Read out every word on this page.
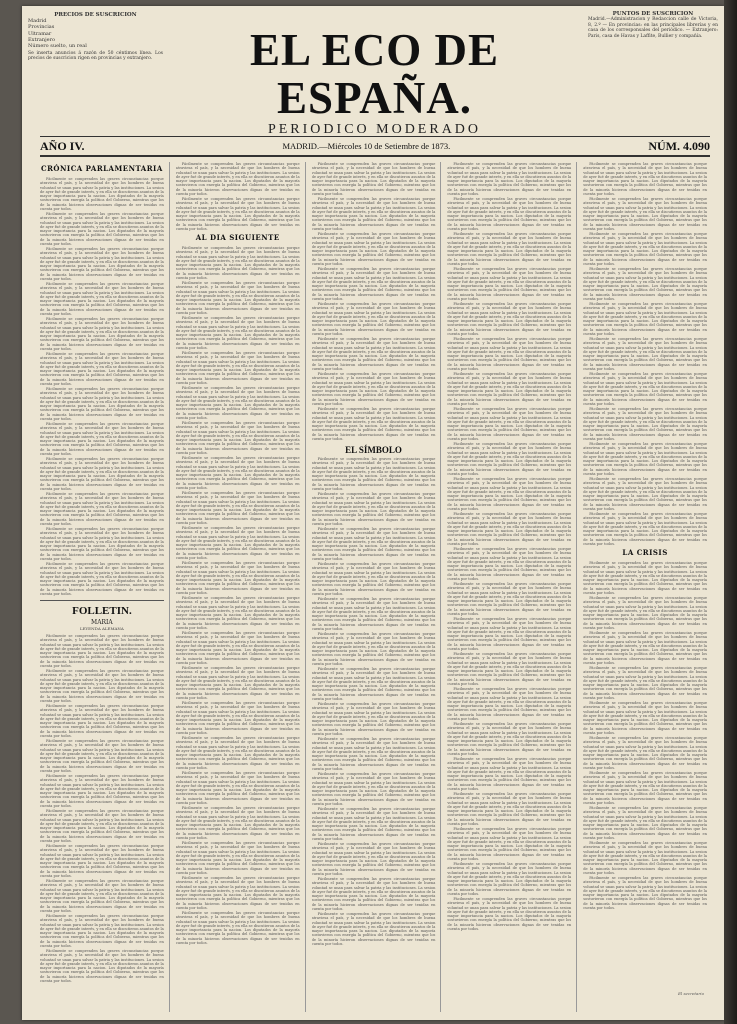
PRECIOS DE SUSCRICION
Madrid
Provincias
Ultramar
Extranjero
Número suelto, un real
Se inserta anuncios á razón de 50 céntimos línea. Los precios de suscricion rigen en provincias y extranjero.	EL ECO DE ESPAÑA.
PERIODICO MODERADO
PUNTOS DE SUSCRICION
Madrid.—Administracion y Redaccion calle de Victoria, 8, 2.º — En provincias: en las principales librerías y en casa de los corresponsales del periódico. — Extranjero: Paris, casa de Havas y Laffite, Bullier y compañía.
AÑO IV.	MADRID.—Miércoles 10 de Setiembre de 1873.	NÚM. 4.090
CRÓNICA PARLAMENTARIA

Fácilmente se comprenden las graves circunstancias porque atraviesa el país, y la necesidad de que los hombres de buena voluntad se unan para salvar la patria y las instituciones. La sesion de ayer fué de grande interés, y en ella se discutieron asuntos de la mayor importancia para la nacion. Los diputados de la mayoría sostuvieron con energía la política del Gobierno, mientras que los de la minoría hicieron observaciones dignas de ser tenidas en cuenta por todos.

Fácilmente se comprenden las graves circunstancias porque atraviesa el país, y la necesidad de que los hombres de buena voluntad se unan para salvar la patria y las instituciones. La sesion de ayer fué de grande interés, y en ella se discutieron asuntos de la mayor importancia para la nacion. Los diputados de la mayoría sostuvieron con energía la política del Gobierno, mientras que los de la minoría hicieron observaciones dignas de ser tenidas en cuenta por todos.

Fácilmente se comprenden las graves circunstancias porque atraviesa el país, y la necesidad de que los hombres de buena voluntad se unan para salvar la patria y las instituciones. La sesion de ayer fué de grande interés, y en ella se discutieron asuntos de la mayor importancia para la nacion. Los diputados de la mayoría sostuvieron con energía la política del Gobierno, mientras que los de la minoría hicieron observaciones dignas de ser tenidas en cuenta por todos.

Fácilmente se comprenden las graves circunstancias porque atraviesa el país, y la necesidad de que los hombres de buena voluntad se unan para salvar la patria y las instituciones. La sesion de ayer fué de grande interés, y en ella se discutieron asuntos de la mayor importancia para la nacion. Los diputados de la mayoría sostuvieron con energía la política del Gobierno, mientras que los de la minoría hicieron observaciones dignas de ser tenidas en cuenta por todos.

Fácilmente se comprenden las graves circunstancias porque atraviesa el país, y la necesidad de que los hombres de buena voluntad se unan para salvar la patria y las instituciones. La sesion de ayer fué de grande interés, y en ella se discutieron asuntos de la mayor importancia para la nacion. Los diputados de la mayoría sostuvieron con energía la política del Gobierno, mientras que los de la minoría hicieron observaciones dignas de ser tenidas en cuenta por todos.

Fácilmente se comprenden las graves circunstancias porque atraviesa el país, y la necesidad de que los hombres de buena voluntad se unan para salvar la patria y las instituciones. La sesion de ayer fué de grande interés, y en ella se discutieron asuntos de la mayor importancia para la nacion. Los diputados de la mayoría sostuvieron con energía la política del Gobierno, mientras que los de la minoría hicieron observaciones dignas de ser tenidas en cuenta por todos.

Fácilmente se comprenden las graves circunstancias porque atraviesa el país, y la necesidad de que los hombres de buena voluntad se unan para salvar la patria y las instituciones. La sesion de ayer fué de grande interés, y en ella se discutieron asuntos de la mayor importancia para la nacion. Los diputados de la mayoría sostuvieron con energía la política del Gobierno, mientras que los de la minoría hicieron observaciones dignas de ser tenidas en cuenta por todos.

Fácilmente se comprenden las graves circunstancias porque atraviesa el país, y la necesidad de que los hombres de buena voluntad se unan para salvar la patria y las instituciones. La sesion de ayer fué de grande interés, y en ella se discutieron asuntos de la mayor importancia para la nacion. Los diputados de la mayoría sostuvieron con energía la política del Gobierno, mientras que los de la minoría hicieron observaciones dignas de ser tenidas en cuenta por todos.

Fácilmente se comprenden las graves circunstancias porque atraviesa el país, y la necesidad de que los hombres de buena voluntad se unan para salvar la patria y las instituciones. La sesion de ayer fué de grande interés, y en ella se discutieron asuntos de la mayor importancia para la nacion. Los diputados de la mayoría sostuvieron con energía la política del Gobierno, mientras que los de la minoría hicieron observaciones dignas de ser tenidas en cuenta por todos.

Fácilmente se comprenden las graves circunstancias porque atraviesa el país, y la necesidad de que los hombres de buena voluntad se unan para salvar la patria y las instituciones. La sesion de ayer fué de grande interés, y en ella se discutieron asuntos de la mayor importancia para la nacion. Los diputados de la mayoría sostuvieron con energía la política del Gobierno, mientras que los de la minoría hicieron observaciones dignas de ser tenidas en cuenta por todos.

Fácilmente se comprenden las graves circunstancias porque atraviesa el país, y la necesidad de que los hombres de buena voluntad se unan para salvar la patria y las instituciones. La sesion de ayer fué de grande interés, y en ella se discutieron asuntos de la mayor importancia para la nacion. Los diputados de la mayoría sostuvieron con energía la política del Gobierno, mientras que los de la minoría hicieron observaciones dignas de ser tenidas en cuenta por todos.

Fácilmente se comprenden las graves circunstancias porque atraviesa el país, y la necesidad de que los hombres de buena voluntad se unan para salvar la patria y las instituciones. La sesion de ayer fué de grande interés, y en ella se discutieron asuntos de la mayor importancia para la nacion. Los diputados de la mayoría sostuvieron con energía la política del Gobierno, mientras que los de la minoría hicieron observaciones dignas de ser tenidas en cuenta por todos.

FOLLETIN.
MARIA
LEYENDA ALEMANA

Fácilmente se comprenden las graves circunstancias porque atraviesa el país, y la necesidad de que los hombres de buena voluntad se unan para salvar la patria y las instituciones. La sesion de ayer fué de grande interés, y en ella se discutieron asuntos de la mayor importancia para la nacion. Los diputados de la mayoría sostuvieron con energía la política del Gobierno, mientras que los de la minoría hicieron observaciones dignas de ser tenidas en cuenta por todos.

Fácilmente se comprenden las graves circunstancias porque atraviesa el país, y la necesidad de que los hombres de buena voluntad se unan para salvar la patria y las instituciones. La sesion de ayer fué de grande interés, y en ella se discutieron asuntos de la mayor importancia para la nacion. Los diputados de la mayoría sostuvieron con energía la política del Gobierno, mientras que los de la minoría hicieron observaciones dignas de ser tenidas en cuenta por todos.

Fácilmente se comprenden las graves circunstancias porque atraviesa el país, y la necesidad de que los hombres de buena voluntad se unan para salvar la patria y las instituciones. La sesion de ayer fué de grande interés, y en ella se discutieron asuntos de la mayor importancia para la nacion. Los diputados de la mayoría sostuvieron con energía la política del Gobierno, mientras que los de la minoría hicieron observaciones dignas de ser tenidas en cuenta por todos.

Fácilmente se comprenden las graves circunstancias porque atraviesa el país, y la necesidad de que los hombres de buena voluntad se unan para salvar la patria y las instituciones. La sesion de ayer fué de grande interés, y en ella se discutieron asuntos de la mayor importancia para la nacion. Los diputados de la mayoría sostuvieron con energía la política del Gobierno, mientras que los de la minoría hicieron observaciones dignas de ser tenidas en cuenta por todos.

Fácilmente se comprenden las graves circunstancias porque atraviesa el país, y la necesidad de que los hombres de buena voluntad se unan para salvar la patria y las instituciones. La sesion de ayer fué de grande interés, y en ella se discutieron asuntos de la mayor importancia para la nacion. Los diputados de la mayoría sostuvieron con energía la política del Gobierno, mientras que los de la minoría hicieron observaciones dignas de ser tenidas en cuenta por todos.

Fácilmente se comprenden las graves circunstancias porque atraviesa el país, y la necesidad de que los hombres de buena voluntad se unan para salvar la patria y las instituciones. La sesion de ayer fué de grande interés, y en ella se discutieron asuntos de la mayor importancia para la nacion. Los diputados de la mayoría sostuvieron con energía la política del Gobierno, mientras que los de la minoría hicieron observaciones dignas de ser tenidas en cuenta por todos.

Fácilmente se comprenden las graves circunstancias porque atraviesa el país, y la necesidad de que los hombres de buena voluntad se unan para salvar la patria y las instituciones. La sesion de ayer fué de grande interés, y en ella se discutieron asuntos de la mayor importancia para la nacion. Los diputados de la mayoría sostuvieron con energía la política del Gobierno, mientras que los de la minoría hicieron observaciones dignas de ser tenidas en cuenta por todos.

Fácilmente se comprenden las graves circunstancias porque atraviesa el país, y la necesidad de que los hombres de buena voluntad se unan para salvar la patria y las instituciones. La sesion de ayer fué de grande interés, y en ella se discutieron asuntos de la mayor importancia para la nacion. Los diputados de la mayoría sostuvieron con energía la política del Gobierno, mientras que los de la minoría hicieron observaciones dignas de ser tenidas en cuenta por todos.

Fácilmente se comprenden las graves circunstancias porque atraviesa el país, y la necesidad de que los hombres de buena voluntad se unan para salvar la patria y las instituciones. La sesion de ayer fué de grande interés, y en ella se discutieron asuntos de la mayor importancia para la nacion. Los diputados de la mayoría sostuvieron con energía la política del Gobierno, mientras que los de la minoría hicieron observaciones dignas de ser tenidas en cuenta por todos.

Fácilmente se comprenden las graves circunstancias porque atraviesa el país, y la necesidad de que los hombres de buena voluntad se unan para salvar la patria y las instituciones. La sesion de ayer fué de grande interés, y en ella se discutieron asuntos de la mayor importancia para la nacion. Los diputados de la mayoría sostuvieron con energía la política del Gobierno, mientras que los de la minoría hicieron observaciones dignas de ser tenidas en cuenta por todos.

Fácilmente se comprenden las graves circunstancias porque atraviesa el país, y la necesidad de que los hombres de buena voluntad se unan para salvar la patria y las instituciones. La sesion de ayer fué de grande interés, y en ella se discutieron asuntos de la mayor importancia para la nacion. Los diputados de la mayoría sostuvieron con energía la política del Gobierno, mientras que los de la minoría hicieron observaciones dignas de ser tenidas en cuenta por todos.

Fácilmente se comprenden las graves circunstancias porque atraviesa el país, y la necesidad de que los hombres de buena voluntad se unan para salvar la patria y las instituciones. La sesion de ayer fué de grande interés, y en ella se discutieron asuntos de la mayor importancia para la nacion. Los diputados de la mayoría sostuvieron con energía la política del Gobierno, mientras que los de la minoría hicieron observaciones dignas de ser tenidas en cuenta por todos.

AL DIA SIGUIENTE

Fácilmente se comprenden las graves circunstancias porque atraviesa el país, y la necesidad de que los hombres de buena voluntad se unan para salvar la patria y las instituciones. La sesion de ayer fué de grande interés, y en ella se discutieron asuntos de la mayor importancia para la nacion. Los diputados de la mayoría sostuvieron con energía la política del Gobierno, mientras que los de la minoría hicieron observaciones dignas de ser tenidas en cuenta por todos.

Fácilmente se comprenden las graves circunstancias porque atraviesa el país, y la necesidad de que los hombres de buena voluntad se unan para salvar la patria y las instituciones. La sesion de ayer fué de grande interés, y en ella se discutieron asuntos de la mayor importancia para la nacion. Los diputados de la mayoría sostuvieron con energía la política del Gobierno, mientras que los de la minoría hicieron observaciones dignas de ser tenidas en cuenta por todos.

Fácilmente se comprenden las graves circunstancias porque atraviesa el país, y la necesidad de que los hombres de buena voluntad se unan para salvar la patria y las instituciones. La sesion de ayer fué de grande interés, y en ella se discutieron asuntos de la mayor importancia para la nacion. Los diputados de la mayoría sostuvieron con energía la política del Gobierno, mientras que los de la minoría hicieron observaciones dignas de ser tenidas en cuenta por todos.

Fácilmente se comprenden las graves circunstancias porque atraviesa el país, y la necesidad de que los hombres de buena voluntad se unan para salvar la patria y las instituciones. La sesion de ayer fué de grande interés, y en ella se discutieron asuntos de la mayor importancia para la nacion. Los diputados de la mayoría sostuvieron con energía la política del Gobierno, mientras que los de la minoría hicieron observaciones dignas de ser tenidas en cuenta por todos.

Fácilmente se comprenden las graves circunstancias porque atraviesa el país, y la necesidad de que los hombres de buena voluntad se unan para salvar la patria y las instituciones. La sesion de ayer fué de grande interés, y en ella se discutieron asuntos de la mayor importancia para la nacion. Los diputados de la mayoría sostuvieron con energía la política del Gobierno, mientras que los de la minoría hicieron observaciones dignas de ser tenidas en cuenta por todos.

Fácilmente se comprenden las graves circunstancias porque atraviesa el país, y la necesidad de que los hombres de buena voluntad se unan para salvar la patria y las instituciones. La sesion de ayer fué de grande interés, y en ella se discutieron asuntos de la mayor importancia para la nacion. Los diputados de la mayoría sostuvieron con energía la política del Gobierno, mientras que los de la minoría hicieron observaciones dignas de ser tenidas en cuenta por todos.

Fácilmente se comprenden las graves circunstancias porque atraviesa el país, y la necesidad de que los hombres de buena voluntad se unan para salvar la patria y las instituciones. La sesion de ayer fué de grande interés, y en ella se discutieron asuntos de la mayor importancia para la nacion. Los diputados de la mayoría sostuvieron con energía la política del Gobierno, mientras que los de la minoría hicieron observaciones dignas de ser tenidas en cuenta por todos.

Fácilmente se comprenden las graves circunstancias porque atraviesa el país, y la necesidad de que los hombres de buena voluntad se unan para salvar la patria y las instituciones. La sesion de ayer fué de grande interés, y en ella se discutieron asuntos de la mayor importancia para la nacion. Los diputados de la mayoría sostuvieron con energía la política del Gobierno, mientras que los de la minoría hicieron observaciones dignas de ser tenidas en cuenta por todos.

Fácilmente se comprenden las graves circunstancias porque atraviesa el país, y la necesidad de que los hombres de buena voluntad se unan para salvar la patria y las instituciones. La sesion de ayer fué de grande interés, y en ella se discutieron asuntos de la mayor importancia para la nacion. Los diputados de la mayoría sostuvieron con energía la política del Gobierno, mientras que los de la minoría hicieron observaciones dignas de ser tenidas en cuenta por todos.

Fácilmente se comprenden las graves circunstancias porque atraviesa el país, y la necesidad de que los hombres de buena voluntad se unan para salvar la patria y las instituciones. La sesion de ayer fué de grande interés, y en ella se discutieron asuntos de la mayor importancia para la nacion. Los diputados de la mayoría sostuvieron con energía la política del Gobierno, mientras que los de la minoría hicieron observaciones dignas de ser tenidas en cuenta por todos.

Fácilmente se comprenden las graves circunstancias porque atraviesa el país, y la necesidad de que los hombres de buena voluntad se unan para salvar la patria y las instituciones. La sesion de ayer fué de grande interés, y en ella se discutieron asuntos de la mayor importancia para la nacion. Los diputados de la mayoría sostuvieron con energía la política del Gobierno, mientras que los de la minoría hicieron observaciones dignas de ser tenidas en cuenta por todos.

Fácilmente se comprenden las graves circunstancias porque atraviesa el país, y la necesidad de que los hombres de buena voluntad se unan para salvar la patria y las instituciones. La sesion de ayer fué de grande interés, y en ella se discutieron asuntos de la mayor importancia para la nacion. Los diputados de la mayoría sostuvieron con energía la política del Gobierno, mientras que los de la minoría hicieron observaciones dignas de ser tenidas en cuenta por todos.

Fácilmente se comprenden las graves circunstancias porque atraviesa el país, y la necesidad de que los hombres de buena voluntad se unan para salvar la patria y las instituciones. La sesion de ayer fué de grande interés, y en ella se discutieron asuntos de la mayor importancia para la nacion. Los diputados de la mayoría sostuvieron con energía la política del Gobierno, mientras que los de la minoría hicieron observaciones dignas de ser tenidas en cuenta por todos.

Fácilmente se comprenden las graves circunstancias porque atraviesa el país, y la necesidad de que los hombres de buena voluntad se unan para salvar la patria y las instituciones. La sesion de ayer fué de grande interés, y en ella se discutieron asuntos de la mayor importancia para la nacion. Los diputados de la mayoría sostuvieron con energía la política del Gobierno, mientras que los de la minoría hicieron observaciones dignas de ser tenidas en cuenta por todos.

Fácilmente se comprenden las graves circunstancias porque atraviesa el país, y la necesidad de que los hombres de buena voluntad se unan para salvar la patria y las instituciones. La sesion de ayer fué de grande interés, y en ella se discutieron asuntos de la mayor importancia para la nacion. Los diputados de la mayoría sostuvieron con energía la política del Gobierno, mientras que los de la minoría hicieron observaciones dignas de ser tenidas en cuenta por todos.

Fácilmente se comprenden las graves circunstancias porque atraviesa el país, y la necesidad de que los hombres de buena voluntad se unan para salvar la patria y las instituciones. La sesion de ayer fué de grande interés, y en ella se discutieron asuntos de la mayor importancia para la nacion. Los diputados de la mayoría sostuvieron con energía la política del Gobierno, mientras que los de la minoría hicieron observaciones dignas de ser tenidas en cuenta por todos.

Fácilmente se comprenden las graves circunstancias porque atraviesa el país, y la necesidad de que los hombres de buena voluntad se unan para salvar la patria y las instituciones. La sesion de ayer fué de grande interés, y en ella se discutieron asuntos de la mayor importancia para la nacion. Los diputados de la mayoría sostuvieron con energía la política del Gobierno, mientras que los de la minoría hicieron observaciones dignas de ser tenidas en cuenta por todos.

Fácilmente se comprenden las graves circunstancias porque atraviesa el país, y la necesidad de que los hombres de buena voluntad se unan para salvar la patria y las instituciones. La sesion de ayer fué de grande interés, y en ella se discutieron asuntos de la mayor importancia para la nacion. Los diputados de la mayoría sostuvieron con energía la política del Gobierno, mientras que los de la minoría hicieron observaciones dignas de ser tenidas en cuenta por todos.

Fácilmente se comprenden las graves circunstancias porque atraviesa el país, y la necesidad de que los hombres de buena voluntad se unan para salvar la patria y las instituciones. La sesion de ayer fué de grande interés, y en ella se discutieron asuntos de la mayor importancia para la nacion. Los diputados de la mayoría sostuvieron con energía la política del Gobierno, mientras que los de la minoría hicieron observaciones dignas de ser tenidas en cuenta por todos.

Fácilmente se comprenden las graves circunstancias porque atraviesa el país, y la necesidad de que los hombres de buena voluntad se unan para salvar la patria y las instituciones. La sesion de ayer fué de grande interés, y en ella se discutieron asuntos de la mayor importancia para la nacion. Los diputados de la mayoría sostuvieron con energía la política del Gobierno, mientras que los de la minoría hicieron observaciones dignas de ser tenidas en cuenta por todos.

Fácilmente se comprenden las graves circunstancias porque atraviesa el país, y la necesidad de que los hombres de buena voluntad se unan para salvar la patria y las instituciones. La sesion de ayer fué de grande interés, y en ella se discutieron asuntos de la mayor importancia para la nacion. Los diputados de la mayoría sostuvieron con energía la política del Gobierno, mientras que los de la minoría hicieron observaciones dignas de ser tenidas en cuenta por todos.

Fácilmente se comprenden las graves circunstancias porque atraviesa el país, y la necesidad de que los hombres de buena voluntad se unan para salvar la patria y las instituciones. La sesion de ayer fué de grande interés, y en ella se discutieron asuntos de la mayor importancia para la nacion. Los diputados de la mayoría sostuvieron con energía la política del Gobierno, mientras que los de la minoría hicieron observaciones dignas de ser tenidas en cuenta por todos.

Fácilmente se comprenden las graves circunstancias porque atraviesa el país, y la necesidad de que los hombres de buena voluntad se unan para salvar la patria y las instituciones. La sesion de ayer fué de grande interés, y en ella se discutieron asuntos de la mayor importancia para la nacion. Los diputados de la mayoría sostuvieron con energía la política del Gobierno, mientras que los de la minoría hicieron observaciones dignas de ser tenidas en cuenta por todos.

Fácilmente se comprenden las graves circunstancias porque atraviesa el país, y la necesidad de que los hombres de buena voluntad se unan para salvar la patria y las instituciones. La sesion de ayer fué de grande interés, y en ella se discutieron asuntos de la mayor importancia para la nacion. Los diputados de la mayoría sostuvieron con energía la política del Gobierno, mientras que los de la minoría hicieron observaciones dignas de ser tenidas en cuenta por todos.

Fácilmente se comprenden las graves circunstancias porque atraviesa el país, y la necesidad de que los hombres de buena voluntad se unan para salvar la patria y las instituciones. La sesion de ayer fué de grande interés, y en ella se discutieron asuntos de la mayor importancia para la nacion. Los diputados de la mayoría sostuvieron con energía la política del Gobierno, mientras que los de la minoría hicieron observaciones dignas de ser tenidas en cuenta por todos.

Fácilmente se comprenden las graves circunstancias porque atraviesa el país, y la necesidad de que los hombres de buena voluntad se unan para salvar la patria y las instituciones. La sesion de ayer fué de grande interés, y en ella se discutieron asuntos de la mayor importancia para la nacion. Los diputados de la mayoría sostuvieron con energía la política del Gobierno, mientras que los de la minoría hicieron observaciones dignas de ser tenidas en cuenta por todos.

Fácilmente se comprenden las graves circunstancias porque atraviesa el país, y la necesidad de que los hombres de buena voluntad se unan para salvar la patria y las instituciones. La sesion de ayer fué de grande interés, y en ella se discutieron asuntos de la mayor importancia para la nacion. Los diputados de la mayoría sostuvieron con energía la política del Gobierno, mientras que los de la minoría hicieron observaciones dignas de ser tenidas en cuenta por todos.

Fácilmente se comprenden las graves circunstancias porque atraviesa el país, y la necesidad de que los hombres de buena voluntad se unan para salvar la patria y las instituciones. La sesion de ayer fué de grande interés, y en ella se discutieron asuntos de la mayor importancia para la nacion. Los diputados de la mayoría sostuvieron con energía la política del Gobierno, mientras que los de la minoría hicieron observaciones dignas de ser tenidas en cuenta por todos.

EL SÍMBOLO

Fácilmente se comprenden las graves circunstancias porque atraviesa el país, y la necesidad de que los hombres de buena voluntad se unan para salvar la patria y las instituciones. La sesion de ayer fué de grande interés, y en ella se discutieron asuntos de la mayor importancia para la nacion. Los diputados de la mayoría sostuvieron con energía la política del Gobierno, mientras que los de la minoría hicieron observaciones dignas de ser tenidas en cuenta por todos.

Fácilmente se comprenden las graves circunstancias porque atraviesa el país, y la necesidad de que los hombres de buena voluntad se unan para salvar la patria y las instituciones. La sesion de ayer fué de grande interés, y en ella se discutieron asuntos de la mayor importancia para la nacion. Los diputados de la mayoría sostuvieron con energía la política del Gobierno, mientras que los de la minoría hicieron observaciones dignas de ser tenidas en cuenta por todos.

Fácilmente se comprenden las graves circunstancias porque atraviesa el país, y la necesidad de que los hombres de buena voluntad se unan para salvar la patria y las instituciones. La sesion de ayer fué de grande interés, y en ella se discutieron asuntos de la mayor importancia para la nacion. Los diputados de la mayoría sostuvieron con energía la política del Gobierno, mientras que los de la minoría hicieron observaciones dignas de ser tenidas en cuenta por todos.

Fácilmente se comprenden las graves circunstancias porque atraviesa el país, y la necesidad de que los hombres de buena voluntad se unan para salvar la patria y las instituciones. La sesion de ayer fué de grande interés, y en ella se discutieron asuntos de la mayor importancia para la nacion. Los diputados de la mayoría sostuvieron con energía la política del Gobierno, mientras que los de la minoría hicieron observaciones dignas de ser tenidas en cuenta por todos.

Fácilmente se comprenden las graves circunstancias porque atraviesa el país, y la necesidad de que los hombres de buena voluntad se unan para salvar la patria y las instituciones. La sesion de ayer fué de grande interés, y en ella se discutieron asuntos de la mayor importancia para la nacion. Los diputados de la mayoría sostuvieron con energía la política del Gobierno, mientras que los de la minoría hicieron observaciones dignas de ser tenidas en cuenta por todos.

Fácilmente se comprenden las graves circunstancias porque atraviesa el país, y la necesidad de que los hombres de buena voluntad se unan para salvar la patria y las instituciones. La sesion de ayer fué de grande interés, y en ella se discutieron asuntos de la mayor importancia para la nacion. Los diputados de la mayoría sostuvieron con energía la política del Gobierno, mientras que los de la minoría hicieron observaciones dignas de ser tenidas en cuenta por todos.

Fácilmente se comprenden las graves circunstancias porque atraviesa el país, y la necesidad de que los hombres de buena voluntad se unan para salvar la patria y las instituciones. La sesion de ayer fué de grande interés, y en ella se discutieron asuntos de la mayor importancia para la nacion. Los diputados de la mayoría sostuvieron con energía la política del Gobierno, mientras que los de la minoría hicieron observaciones dignas de ser tenidas en cuenta por todos.

Fácilmente se comprenden las graves circunstancias porque atraviesa el país, y la necesidad de que los hombres de buena voluntad se unan para salvar la patria y las instituciones. La sesion de ayer fué de grande interés, y en ella se discutieron asuntos de la mayor importancia para la nacion. Los diputados de la mayoría sostuvieron con energía la política del Gobierno, mientras que los de la minoría hicieron observaciones dignas de ser tenidas en cuenta por todos.

Fácilmente se comprenden las graves circunstancias porque atraviesa el país, y la necesidad de que los hombres de buena voluntad se unan para salvar la patria y las instituciones. La sesion de ayer fué de grande interés, y en ella se discutieron asuntos de la mayor importancia para la nacion. Los diputados de la mayoría sostuvieron con energía la política del Gobierno, mientras que los de la minoría hicieron observaciones dignas de ser tenidas en cuenta por todos.

Fácilmente se comprenden las graves circunstancias porque atraviesa el país, y la necesidad de que los hombres de buena voluntad se unan para salvar la patria y las instituciones. La sesion de ayer fué de grande interés, y en ella se discutieron asuntos de la mayor importancia para la nacion. Los diputados de la mayoría sostuvieron con energía la política del Gobierno, mientras que los de la minoría hicieron observaciones dignas de ser tenidas en cuenta por todos.

Fácilmente se comprenden las graves circunstancias porque atraviesa el país, y la necesidad de que los hombres de buena voluntad se unan para salvar la patria y las instituciones. La sesion de ayer fué de grande interés, y en ella se discutieron asuntos de la mayor importancia para la nacion. Los diputados de la mayoría sostuvieron con energía la política del Gobierno, mientras que los de la minoría hicieron observaciones dignas de ser tenidas en cuenta por todos.

Fácilmente se comprenden las graves circunstancias porque atraviesa el país, y la necesidad de que los hombres de buena voluntad se unan para salvar la patria y las instituciones. La sesion de ayer fué de grande interés, y en ella se discutieron asuntos de la mayor importancia para la nacion. Los diputados de la mayoría sostuvieron con energía la política del Gobierno, mientras que los de la minoría hicieron observaciones dignas de ser tenidas en cuenta por todos.

Fácilmente se comprenden las graves circunstancias porque atraviesa el país, y la necesidad de que los hombres de buena voluntad se unan para salvar la patria y las instituciones. La sesion de ayer fué de grande interés, y en ella se discutieron asuntos de la mayor importancia para la nacion. Los diputados de la mayoría sostuvieron con energía la política del Gobierno, mientras que los de la minoría hicieron observaciones dignas de ser tenidas en cuenta por todos.

Fácilmente se comprenden las graves circunstancias porque atraviesa el país, y la necesidad de que los hombres de buena voluntad se unan para salvar la patria y las instituciones. La sesion de ayer fué de grande interés, y en ella se discutieron asuntos de la mayor importancia para la nacion. Los diputados de la mayoría sostuvieron con energía la política del Gobierno, mientras que los de la minoría hicieron observaciones dignas de ser tenidas en cuenta por todos.

Fácilmente se comprenden las graves circunstancias porque atraviesa el país, y la necesidad de que los hombres de buena voluntad se unan para salvar la patria y las instituciones. La sesion de ayer fué de grande interés, y en ella se discutieron asuntos de la mayor importancia para la nacion. Los diputados de la mayoría sostuvieron con energía la política del Gobierno, mientras que los de la minoría hicieron observaciones dignas de ser tenidas en cuenta por todos.

Fácilmente se comprenden las graves circunstancias porque atraviesa el país, y la necesidad de que los hombres de buena voluntad se unan para salvar la patria y las instituciones. La sesion de ayer fué de grande interés, y en ella se discutieron asuntos de la mayor importancia para la nacion. Los diputados de la mayoría sostuvieron con energía la política del Gobierno, mientras que los de la minoría hicieron observaciones dignas de ser tenidas en cuenta por todos.

Fácilmente se comprenden las graves circunstancias porque atraviesa el país, y la necesidad de que los hombres de buena voluntad se unan para salvar la patria y las instituciones. La sesion de ayer fué de grande interés, y en ella se discutieron asuntos de la mayor importancia para la nacion. Los diputados de la mayoría sostuvieron con energía la política del Gobierno, mientras que los de la minoría hicieron observaciones dignas de ser tenidas en cuenta por todos.

Fácilmente se comprenden las graves circunstancias porque atraviesa el país, y la necesidad de que los hombres de buena voluntad se unan para salvar la patria y las instituciones. La sesion de ayer fué de grande interés, y en ella se discutieron asuntos de la mayor importancia para la nacion. Los diputados de la mayoría sostuvieron con energía la política del Gobierno, mientras que los de la minoría hicieron observaciones dignas de ser tenidas en cuenta por todos.

Fácilmente se comprenden las graves circunstancias porque atraviesa el país, y la necesidad de que los hombres de buena voluntad se unan para salvar la patria y las instituciones. La sesion de ayer fué de grande interés, y en ella se discutieron asuntos de la mayor importancia para la nacion. Los diputados de la mayoría sostuvieron con energía la política del Gobierno, mientras que los de la minoría hicieron observaciones dignas de ser tenidas en cuenta por todos.

Fácilmente se comprenden las graves circunstancias porque atraviesa el país, y la necesidad de que los hombres de buena voluntad se unan para salvar la patria y las instituciones. La sesion de ayer fué de grande interés, y en ella se discutieron asuntos de la mayor importancia para la nacion. Los diputados de la mayoría sostuvieron con energía la política del Gobierno, mientras que los de la minoría hicieron observaciones dignas de ser tenidas en cuenta por todos.

Fácilmente se comprenden las graves circunstancias porque atraviesa el país, y la necesidad de que los hombres de buena voluntad se unan para salvar la patria y las instituciones. La sesion de ayer fué de grande interés, y en ella se discutieron asuntos de la mayor importancia para la nacion. Los diputados de la mayoría sostuvieron con energía la política del Gobierno, mientras que los de la minoría hicieron observaciones dignas de ser tenidas en cuenta por todos.

Fácilmente se comprenden las graves circunstancias porque atraviesa el país, y la necesidad de que los hombres de buena voluntad se unan para salvar la patria y las instituciones. La sesion de ayer fué de grande interés, y en ella se discutieron asuntos de la mayor importancia para la nacion. Los diputados de la mayoría sostuvieron con energía la política del Gobierno, mientras que los de la minoría hicieron observaciones dignas de ser tenidas en cuenta por todos.

Fácilmente se comprenden las graves circunstancias porque atraviesa el país, y la necesidad de que los hombres de buena voluntad se unan para salvar la patria y las instituciones. La sesion de ayer fué de grande interés, y en ella se discutieron asuntos de la mayor importancia para la nacion. Los diputados de la mayoría sostuvieron con energía la política del Gobierno, mientras que los de la minoría hicieron observaciones dignas de ser tenidas en cuenta por todos.

Fácilmente se comprenden las graves circunstancias porque atraviesa el país, y la necesidad de que los hombres de buena voluntad se unan para salvar la patria y las instituciones. La sesion de ayer fué de grande interés, y en ella se discutieron asuntos de la mayor importancia para la nacion. Los diputados de la mayoría sostuvieron con energía la política del Gobierno, mientras que los de la minoría hicieron observaciones dignas de ser tenidas en cuenta por todos.

Fácilmente se comprenden las graves circunstancias porque atraviesa el país, y la necesidad de que los hombres de buena voluntad se unan para salvar la patria y las instituciones. La sesion de ayer fué de grande interés, y en ella se discutieron asuntos de la mayor importancia para la nacion. Los diputados de la mayoría sostuvieron con energía la política del Gobierno, mientras que los de la minoría hicieron observaciones dignas de ser tenidas en cuenta por todos.

Fácilmente se comprenden las graves circunstancias porque atraviesa el país, y la necesidad de que los hombres de buena voluntad se unan para salvar la patria y las instituciones. La sesion de ayer fué de grande interés, y en ella se discutieron asuntos de la mayor importancia para la nacion. Los diputados de la mayoría sostuvieron con energía la política del Gobierno, mientras que los de la minoría hicieron observaciones dignas de ser tenidas en cuenta por todos.

Fácilmente se comprenden las graves circunstancias porque atraviesa el país, y la necesidad de que los hombres de buena voluntad se unan para salvar la patria y las instituciones. La sesion de ayer fué de grande interés, y en ella se discutieron asuntos de la mayor importancia para la nacion. Los diputados de la mayoría sostuvieron con energía la política del Gobierno, mientras que los de la minoría hicieron observaciones dignas de ser tenidas en cuenta por todos.

Fácilmente se comprenden las graves circunstancias porque atraviesa el país, y la necesidad de que los hombres de buena voluntad se unan para salvar la patria y las instituciones. La sesion de ayer fué de grande interés, y en ella se discutieron asuntos de la mayor importancia para la nacion. Los diputados de la mayoría sostuvieron con energía la política del Gobierno, mientras que los de la minoría hicieron observaciones dignas de ser tenidas en cuenta por todos.

Fácilmente se comprenden las graves circunstancias porque atraviesa el país, y la necesidad de que los hombres de buena voluntad se unan para salvar la patria y las instituciones. La sesion de ayer fué de grande interés, y en ella se discutieron asuntos de la mayor importancia para la nacion. Los diputados de la mayoría sostuvieron con energía la política del Gobierno, mientras que los de la minoría hicieron observaciones dignas de ser tenidas en cuenta por todos.

Fácilmente se comprenden las graves circunstancias porque atraviesa el país, y la necesidad de que los hombres de buena voluntad se unan para salvar la patria y las instituciones. La sesion de ayer fué de grande interés, y en ella se discutieron asuntos de la mayor importancia para la nacion. Los diputados de la mayoría sostuvieron con energía la política del Gobierno, mientras que los de la minoría hicieron observaciones dignas de ser tenidas en cuenta por todos.

Fácilmente se comprenden las graves circunstancias porque atraviesa el país, y la necesidad de que los hombres de buena voluntad se unan para salvar la patria y las instituciones. La sesion de ayer fué de grande interés, y en ella se discutieron asuntos de la mayor importancia para la nacion. Los diputados de la mayoría sostuvieron con energía la política del Gobierno, mientras que los de la minoría hicieron observaciones dignas de ser tenidas en cuenta por todos.

Fácilmente se comprenden las graves circunstancias porque atraviesa el país, y la necesidad de que los hombres de buena voluntad se unan para salvar la patria y las instituciones. La sesion de ayer fué de grande interés, y en ella se discutieron asuntos de la mayor importancia para la nacion. Los diputados de la mayoría sostuvieron con energía la política del Gobierno, mientras que los de la minoría hicieron observaciones dignas de ser tenidas en cuenta por todos.

Fácilmente se comprenden las graves circunstancias porque atraviesa el país, y la necesidad de que los hombres de buena voluntad se unan para salvar la patria y las instituciones. La sesion de ayer fué de grande interés, y en ella se discutieron asuntos de la mayor importancia para la nacion. Los diputados de la mayoría sostuvieron con energía la política del Gobierno, mientras que los de la minoría hicieron observaciones dignas de ser tenidas en cuenta por todos.

Fácilmente se comprenden las graves circunstancias porque atraviesa el país, y la necesidad de que los hombres de buena voluntad se unan para salvar la patria y las instituciones. La sesion de ayer fué de grande interés, y en ella se discutieron asuntos de la mayor importancia para la nacion. Los diputados de la mayoría sostuvieron con energía la política del Gobierno, mientras que los de la minoría hicieron observaciones dignas de ser tenidas en cuenta por todos.

Fácilmente se comprenden las graves circunstancias porque atraviesa el país, y la necesidad de que los hombres de buena voluntad se unan para salvar la patria y las instituciones. La sesion de ayer fué de grande interés, y en ella se discutieron asuntos de la mayor importancia para la nacion. Los diputados de la mayoría sostuvieron con energía la política del Gobierno, mientras que los de la minoría hicieron observaciones dignas de ser tenidas en cuenta por todos.

Fácilmente se comprenden las graves circunstancias porque atraviesa el país, y la necesidad de que los hombres de buena voluntad se unan para salvar la patria y las instituciones. La sesion de ayer fué de grande interés, y en ella se discutieron asuntos de la mayor importancia para la nacion. Los diputados de la mayoría sostuvieron con energía la política del Gobierno, mientras que los de la minoría hicieron observaciones dignas de ser tenidas en cuenta por todos.

Fácilmente se comprenden las graves circunstancias porque atraviesa el país, y la necesidad de que los hombres de buena voluntad se unan para salvar la patria y las instituciones. La sesion de ayer fué de grande interés, y en ella se discutieron asuntos de la mayor importancia para la nacion. Los diputados de la mayoría sostuvieron con energía la política del Gobierno, mientras que los de la minoría hicieron observaciones dignas de ser tenidas en cuenta por todos.

Fácilmente se comprenden las graves circunstancias porque atraviesa el país, y la necesidad de que los hombres de buena voluntad se unan para salvar la patria y las instituciones. La sesion de ayer fué de grande interés, y en ella se discutieron asuntos de la mayor importancia para la nacion. Los diputados de la mayoría sostuvieron con energía la política del Gobierno, mientras que los de la minoría hicieron observaciones dignas de ser tenidas en cuenta por todos.

Fácilmente se comprenden las graves circunstancias porque atraviesa el país, y la necesidad de que los hombres de buena voluntad se unan para salvar la patria y las instituciones. La sesion de ayer fué de grande interés, y en ella se discutieron asuntos de la mayor importancia para la nacion. Los diputados de la mayoría sostuvieron con energía la política del Gobierno, mientras que los de la minoría hicieron observaciones dignas de ser tenidas en cuenta por todos.

Fácilmente se comprenden las graves circunstancias porque atraviesa el país, y la necesidad de que los hombres de buena voluntad se unan para salvar la patria y las instituciones. La sesion de ayer fué de grande interés, y en ella se discutieron asuntos de la mayor importancia para la nacion. Los diputados de la mayoría sostuvieron con energía la política del Gobierno, mientras que los de la minoría hicieron observaciones dignas de ser tenidas en cuenta por todos.

Fácilmente se comprenden las graves circunstancias porque atraviesa el país, y la necesidad de que los hombres de buena voluntad se unan para salvar la patria y las instituciones. La sesion de ayer fué de grande interés, y en ella se discutieron asuntos de la mayor importancia para la nacion. Los diputados de la mayoría sostuvieron con energía la política del Gobierno, mientras que los de la minoría hicieron observaciones dignas de ser tenidas en cuenta por todos.

Fácilmente se comprenden las graves circunstancias porque atraviesa el país, y la necesidad de que los hombres de buena voluntad se unan para salvar la patria y las instituciones. La sesion de ayer fué de grande interés, y en ella se discutieron asuntos de la mayor importancia para la nacion. Los diputados de la mayoría sostuvieron con energía la política del Gobierno, mientras que los de la minoría hicieron observaciones dignas de ser tenidas en cuenta por todos.

Fácilmente se comprenden las graves circunstancias porque atraviesa el país, y la necesidad de que los hombres de buena voluntad se unan para salvar la patria y las instituciones. La sesion de ayer fué de grande interés, y en ella se discutieron asuntos de la mayor importancia para la nacion. Los diputados de la mayoría sostuvieron con energía la política del Gobierno, mientras que los de la minoría hicieron observaciones dignas de ser tenidas en cuenta por todos.

Fácilmente se comprenden las graves circunstancias porque atraviesa el país, y la necesidad de que los hombres de buena voluntad se unan para salvar la patria y las instituciones. La sesion de ayer fué de grande interés, y en ella se discutieron asuntos de la mayor importancia para la nacion. Los diputados de la mayoría sostuvieron con energía la política del Gobierno, mientras que los de la minoría hicieron observaciones dignas de ser tenidas en cuenta por todos.

Fácilmente se comprenden las graves circunstancias porque atraviesa el país, y la necesidad de que los hombres de buena voluntad se unan para salvar la patria y las instituciones. La sesion de ayer fué de grande interés, y en ella se discutieron asuntos de la mayor importancia para la nacion. Los diputados de la mayoría sostuvieron con energía la política del Gobierno, mientras que los de la minoría hicieron observaciones dignas de ser tenidas en cuenta por todos.

Fácilmente se comprenden las graves circunstancias porque atraviesa el país, y la necesidad de que los hombres de buena voluntad se unan para salvar la patria y las instituciones. La sesion de ayer fué de grande interés, y en ella se discutieron asuntos de la mayor importancia para la nacion. Los diputados de la mayoría sostuvieron con energía la política del Gobierno, mientras que los de la minoría hicieron observaciones dignas de ser tenidas en cuenta por todos.

Fácilmente se comprenden las graves circunstancias porque atraviesa el país, y la necesidad de que los hombres de buena voluntad se unan para salvar la patria y las instituciones. La sesion de ayer fué de grande interés, y en ella se discutieron asuntos de la mayor importancia para la nacion. Los diputados de la mayoría sostuvieron con energía la política del Gobierno, mientras que los de la minoría hicieron observaciones dignas de ser tenidas en cuenta por todos.

LA CRISIS

Fácilmente se comprenden las graves circunstancias porque atraviesa el país, y la necesidad de que los hombres de buena voluntad se unan para salvar la patria y las instituciones. La sesion de ayer fué de grande interés, y en ella se discutieron asuntos de la mayor importancia para la nacion. Los diputados de la mayoría sostuvieron con energía la política del Gobierno, mientras que los de la minoría hicieron observaciones dignas de ser tenidas en cuenta por todos.

Fácilmente se comprenden las graves circunstancias porque atraviesa el país, y la necesidad de que los hombres de buena voluntad se unan para salvar la patria y las instituciones. La sesion de ayer fué de grande interés, y en ella se discutieron asuntos de la mayor importancia para la nacion. Los diputados de la mayoría sostuvieron con energía la política del Gobierno, mientras que los de la minoría hicieron observaciones dignas de ser tenidas en cuenta por todos.

Fácilmente se comprenden las graves circunstancias porque atraviesa el país, y la necesidad de que los hombres de buena voluntad se unan para salvar la patria y las instituciones. La sesion de ayer fué de grande interés, y en ella se discutieron asuntos de la mayor importancia para la nacion. Los diputados de la mayoría sostuvieron con energía la política del Gobierno, mientras que los de la minoría hicieron observaciones dignas de ser tenidas en cuenta por todos.

Fácilmente se comprenden las graves circunstancias porque atraviesa el país, y la necesidad de que los hombres de buena voluntad se unan para salvar la patria y las instituciones. La sesion de ayer fué de grande interés, y en ella se discutieron asuntos de la mayor importancia para la nacion. Los diputados de la mayoría sostuvieron con energía la política del Gobierno, mientras que los de la minoría hicieron observaciones dignas de ser tenidas en cuenta por todos.

Fácilmente se comprenden las graves circunstancias porque atraviesa el país, y la necesidad de que los hombres de buena voluntad se unan para salvar la patria y las instituciones. La sesion de ayer fué de grande interés, y en ella se discutieron asuntos de la mayor importancia para la nacion. Los diputados de la mayoría sostuvieron con energía la política del Gobierno, mientras que los de la minoría hicieron observaciones dignas de ser tenidas en cuenta por todos.

Fácilmente se comprenden las graves circunstancias porque atraviesa el país, y la necesidad de que los hombres de buena voluntad se unan para salvar la patria y las instituciones. La sesion de ayer fué de grande interés, y en ella se discutieron asuntos de la mayor importancia para la nacion. Los diputados de la mayoría sostuvieron con energía la política del Gobierno, mientras que los de la minoría hicieron observaciones dignas de ser tenidas en cuenta por todos.

Fácilmente se comprenden las graves circunstancias porque atraviesa el país, y la necesidad de que los hombres de buena voluntad se unan para salvar la patria y las instituciones. La sesion de ayer fué de grande interés, y en ella se discutieron asuntos de la mayor importancia para la nacion. Los diputados de la mayoría sostuvieron con energía la política del Gobierno, mientras que los de la minoría hicieron observaciones dignas de ser tenidas en cuenta por todos.

Fácilmente se comprenden las graves circunstancias porque atraviesa el país, y la necesidad de que los hombres de buena voluntad se unan para salvar la patria y las instituciones. La sesion de ayer fué de grande interés, y en ella se discutieron asuntos de la mayor importancia para la nacion. Los diputados de la mayoría sostuvieron con energía la política del Gobierno, mientras que los de la minoría hicieron observaciones dignas de ser tenidas en cuenta por todos.

Fácilmente se comprenden las graves circunstancias porque atraviesa el país, y la necesidad de que los hombres de buena voluntad se unan para salvar la patria y las instituciones. La sesion de ayer fué de grande interés, y en ella se discutieron asuntos de la mayor importancia para la nacion. Los diputados de la mayoría sostuvieron con energía la política del Gobierno, mientras que los de la minoría hicieron observaciones dignas de ser tenidas en cuenta por todos.

Fácilmente se comprenden las graves circunstancias porque atraviesa el país, y la necesidad de que los hombres de buena voluntad se unan para salvar la patria y las instituciones. La sesion de ayer fué de grande interés, y en ella se discutieron asuntos de la mayor importancia para la nacion. Los diputados de la mayoría sostuvieron con energía la política del Gobierno, mientras que los de la minoría hicieron observaciones dignas de ser tenidas en cuenta por todos.

El secretario
